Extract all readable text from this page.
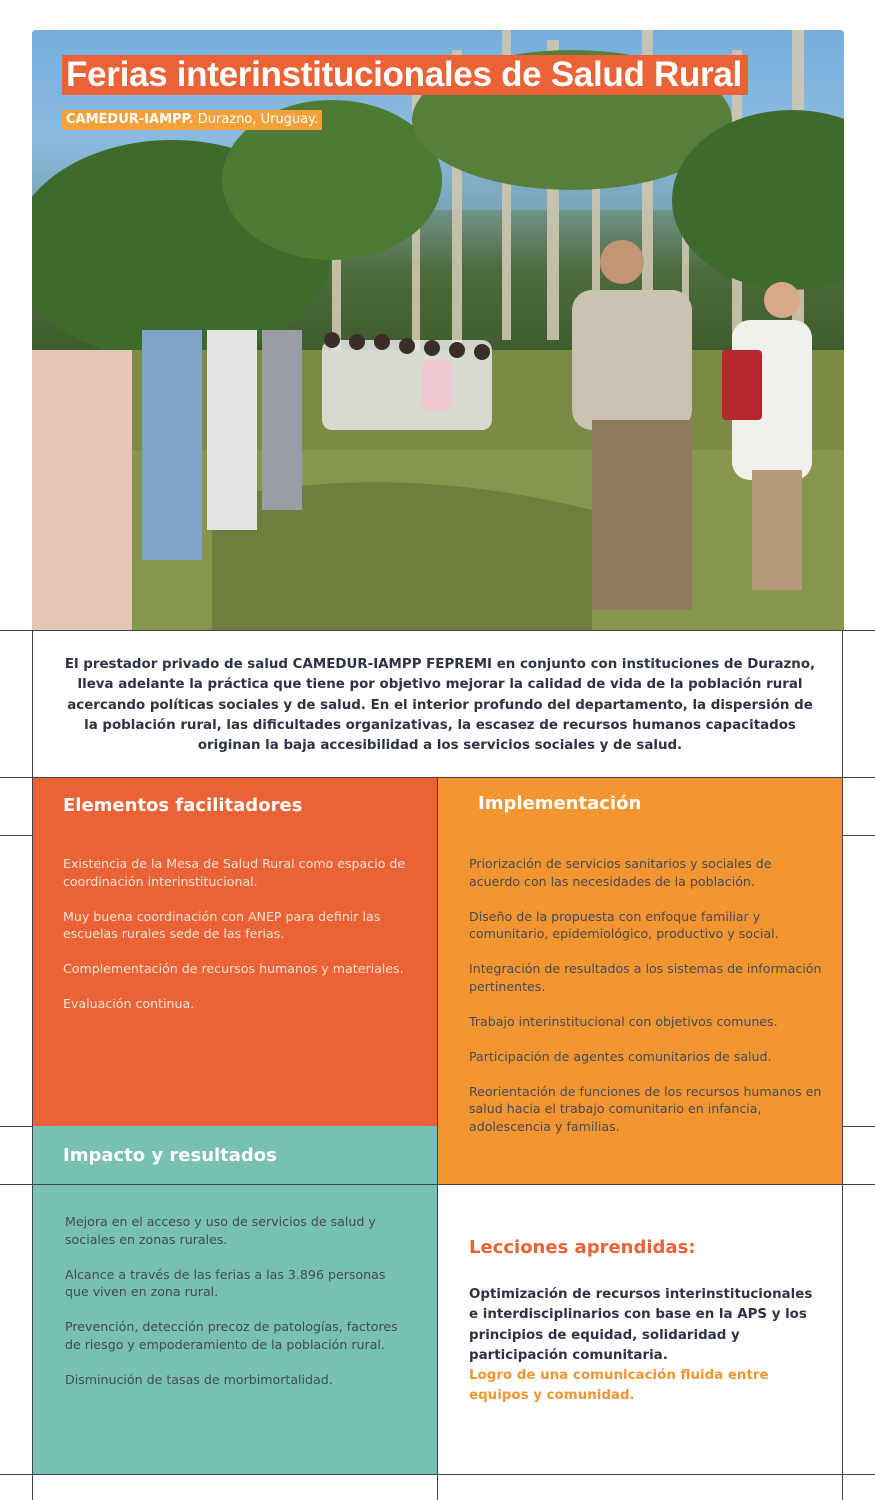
Ferias interinstitucionales de Salud Rural
CAMEDUR-IAMPP. Durazno, Uruguay.
El prestador privado de salud CAMEDUR-IAMPP FEPREMI en conjunto con instituciones de Durazno, lleva adelante la práctica que tiene por objetivo mejorar la calidad de vida de la población rural acercando políticas sociales y de salud. En el interior profundo del departamento, la dispersión de la población rural, las dificultades organizativas, la escasez de recursos humanos capacitados originan la baja accesibilidad a los servicios sociales y de salud.
Elementos facilitadores
Existencia de la Mesa de Salud Rural como espacio de coordinación interinstitucional.
Muy buena coordinación con ANEP para definir las escuelas rurales sede de las ferias.
Complementación de recursos humanos y materiales.
Evaluación continua.
Implementación
Priorización de servicios sanitarios y sociales de  acuerdo con las necesidades de la población.
Diseño de la propuesta con enfoque familiar y comunitario, epidemiológico, productivo y social.
Integración de resultados a los sistemas de información pertinentes.
Trabajo interinstitucional con objetivos comunes.
Participación de agentes comunitarios de salud.
Reorientación de funciones de los recursos humanos en salud hacia el trabajo comunitario en infancia, adolescencia y familias.
Impacto y resultados
Mejora en el acceso y uso de servicios de salud y sociales en zonas rurales.
Alcance a través de las ferias a las 3.896 personas que viven en zona rural.
Prevención, detección precoz de patologías, factores de riesgo y empoderamiento de la población rural.
Disminución de tasas de morbimortalidad.
Lecciones aprendidas:
Optimización de recursos interinstitucionales e interdisciplinarios con base en la APS y los principios de equidad, solidaridad y participación comunitaria.
Logro de una comunicación fluida entre equipos y comunidad.
